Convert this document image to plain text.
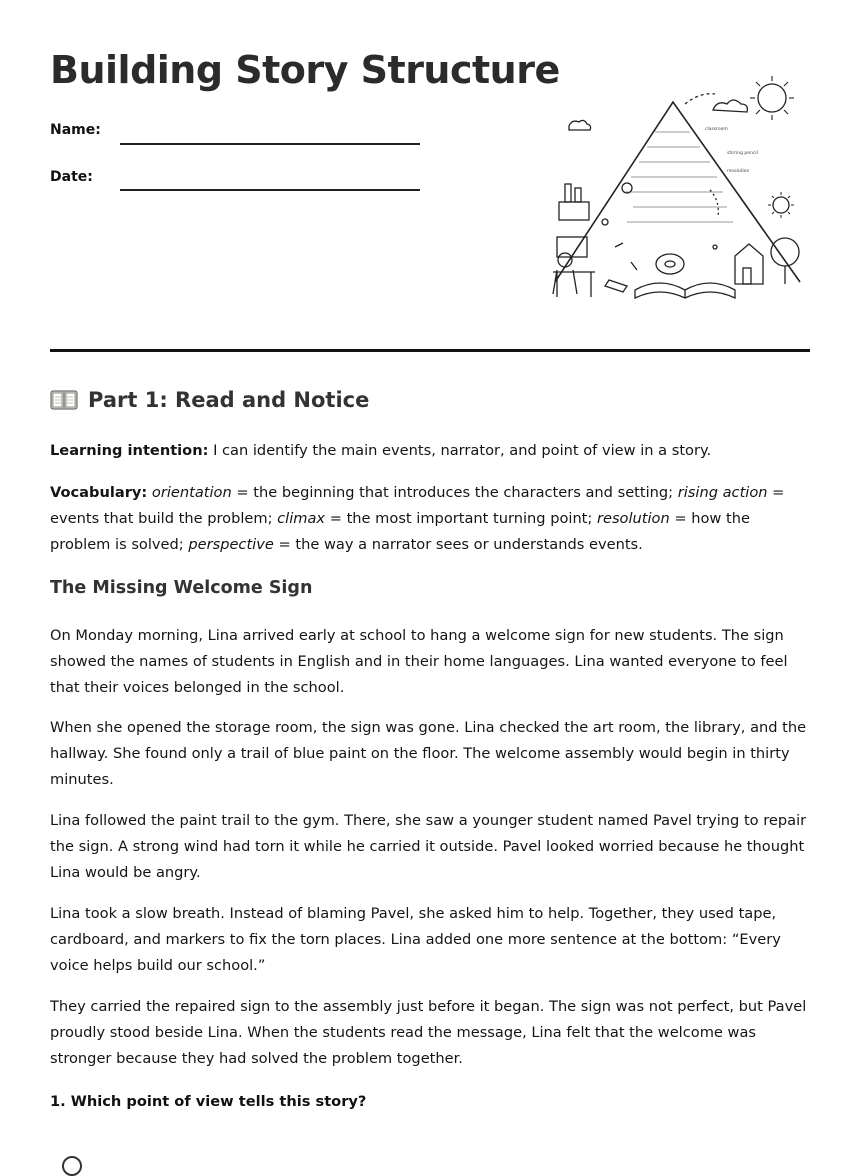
Building Story Structure
Name:
Date:
classroom
stirring pencil
resolution
Part 1: Read and Notice

Learning intention: I can identify the main events, narrator, and point of view in a story.

Vocabulary: orientation = the beginning that introduces the characters and setting; rising action = events that build the problem; climax = the most important turning point; resolution = how the problem is solved; perspective = the way a narrator sees or understands events.

The Missing Welcome Sign

On Monday morning, Lina arrived early at school to hang a welcome sign for new students. The sign showed the names of students in English and in their home languages. Lina wanted everyone to feel that their voices belonged in the school.

When she opened the storage room, the sign was gone. Lina checked the art room, the library, and the hallway. She found only a trail of blue paint on the floor. The welcome assembly would begin in thirty minutes.

Lina followed the paint trail to the gym. There, she saw a younger student named Pavel trying to repair the sign. A strong wind had torn it while he carried it outside. Pavel looked worried because he thought Lina would be angry.

Lina took a slow breath. Instead of blaming Pavel, she asked him to help. Together, they used tape, cardboard, and markers to fix the torn places. Lina added one more sentence at the bottom: “Every voice helps build our school.”

They carried the repaired sign to the assembly just before it began. The sign was not perfect, but Pavel proudly stood beside Lina. When the students read the message, Lina felt that the welcome was stronger because they had solved the problem together.

1. Which point of view tells this story?
